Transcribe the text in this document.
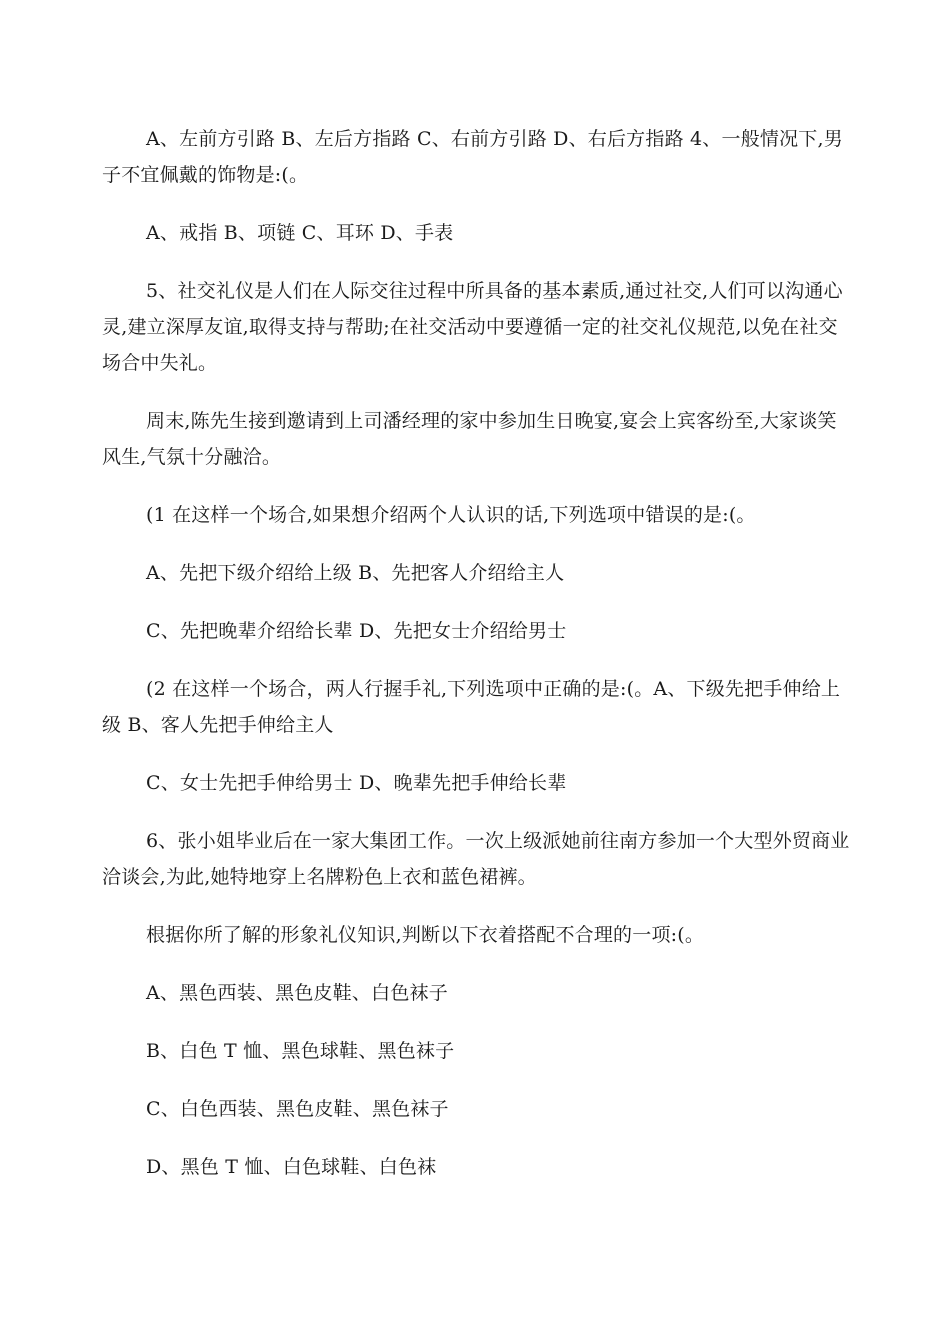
A、左前方引路 B、左后方指路 C、右前方引路 D、右后方指路 4、一般情况下,男子不宜佩戴的饰物是:(。

A、戒指 B、项链 C、耳环 D、手表

5、社交礼仪是人们在人际交往过程中所具备的基本素质,通过社交,人们可以沟通心灵,建立深厚友谊,取得支持与帮助;在社交活动中要遵循一定的社交礼仪规范,以免在社交场合中失礼。

周末,陈先生接到邀请到上司潘经理的家中参加生日晚宴,宴会上宾客纷至,大家谈笑风生,气氛十分融洽。

(1 在这样一个场合,如果想介绍两个人认识的话,下列选项中错误的是:(。

A、先把下级介绍给上级 B、先把客人介绍给主人

C、先把晚辈介绍给长辈 D、先把女士介绍给男士

(2 在这样一个场合，两人行握手礼,下列选项中正确的是:(。A、下级先把手伸给上级 B、客人先把手伸给主人

C、女士先把手伸给男士 D、晚辈先把手伸给长辈

6、张小姐毕业后在一家大集团工作。一次上级派她前往南方参加一个大型外贸商业洽谈会,为此,她特地穿上名牌粉色上衣和蓝色裙裤。

根据你所了解的形象礼仪知识,判断以下衣着搭配不合理的一项:(。

A、黑色西装、黑色皮鞋、白色袜子

B、白色 T 恤、黑色球鞋、黑色袜子

C、白色西装、黑色皮鞋、黑色袜子

D、黑色 T 恤、白色球鞋、白色袜
